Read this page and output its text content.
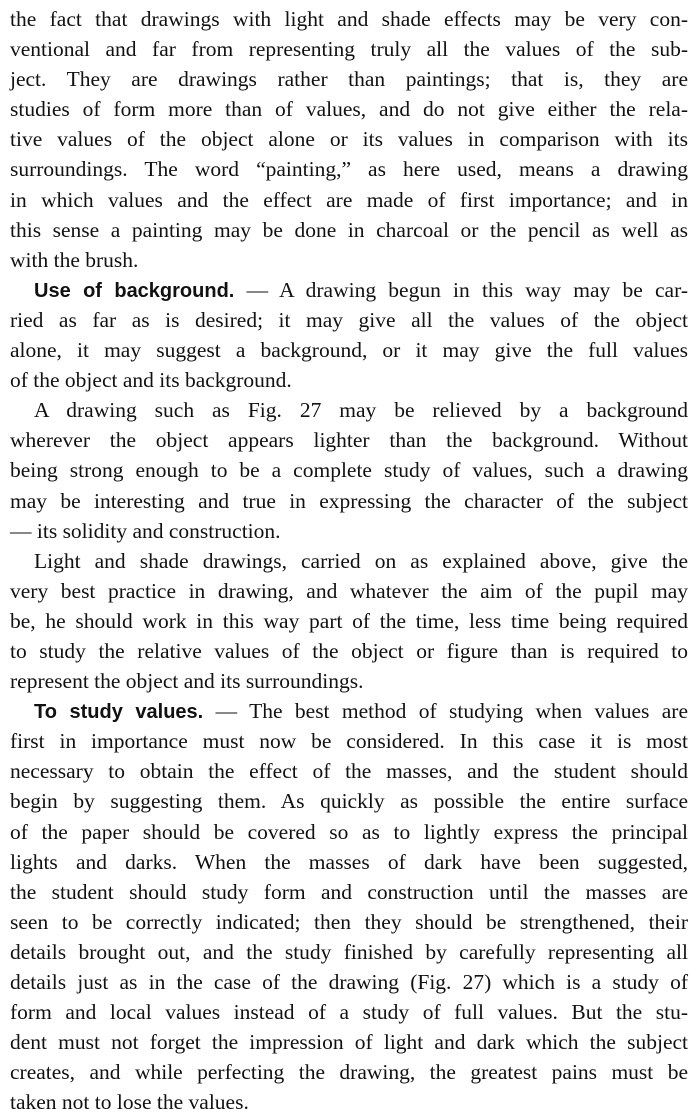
the fact that drawings with light and shade effects may be very con-
ventional and far from representing truly all the values of the sub-
ject. They are drawings rather than paintings; that is, they are
studies of form more than of values, and do not give either the rela-
tive values of the object alone or its values in comparison with its
surroundings. The word “painting,” as here used, means a drawing
in which values and the effect are made of first importance; and in
this sense a painting may be done in charcoal or the pencil as well as
with the brush.
Use of background. — A drawing begun in this way may be car-
ried as far as is desired; it may give all the values of the object
alone, it may suggest a background, or it may give the full values
of the object and its background.
A drawing such as Fig. 27 may be relieved by a background
wherever the object appears lighter than the background. Without
being strong enough to be a complete study of values, such a drawing
may be interesting and true in expressing the character of the subject
— its solidity and construction.
Light and shade drawings, carried on as explained above, give the
very best practice in drawing, and whatever the aim of the pupil may
be, he should work in this way part of the time, less time being required
to study the relative values of the object or figure than is required to
represent the object and its surroundings.
To study values. — The best method of studying when values are
first in importance must now be considered. In this case it is most
necessary to obtain the effect of the masses, and the student should
begin by suggesting them. As quickly as possible the entire surface
of the paper should be covered so as to lightly express the principal
lights and darks. When the masses of dark have been suggested,
the student should study form and construction until the masses are
seen to be correctly indicated; then they should be strengthened, their
details brought out, and the study finished by carefully representing all
details just as in the case of the drawing (Fig. 27) which is a study of
form and local values instead of a study of full values. But the stu-
dent must not forget the impression of light and dark which the subject
creates, and while perfecting the drawing, the greatest pains must be
taken not to lose the values.
